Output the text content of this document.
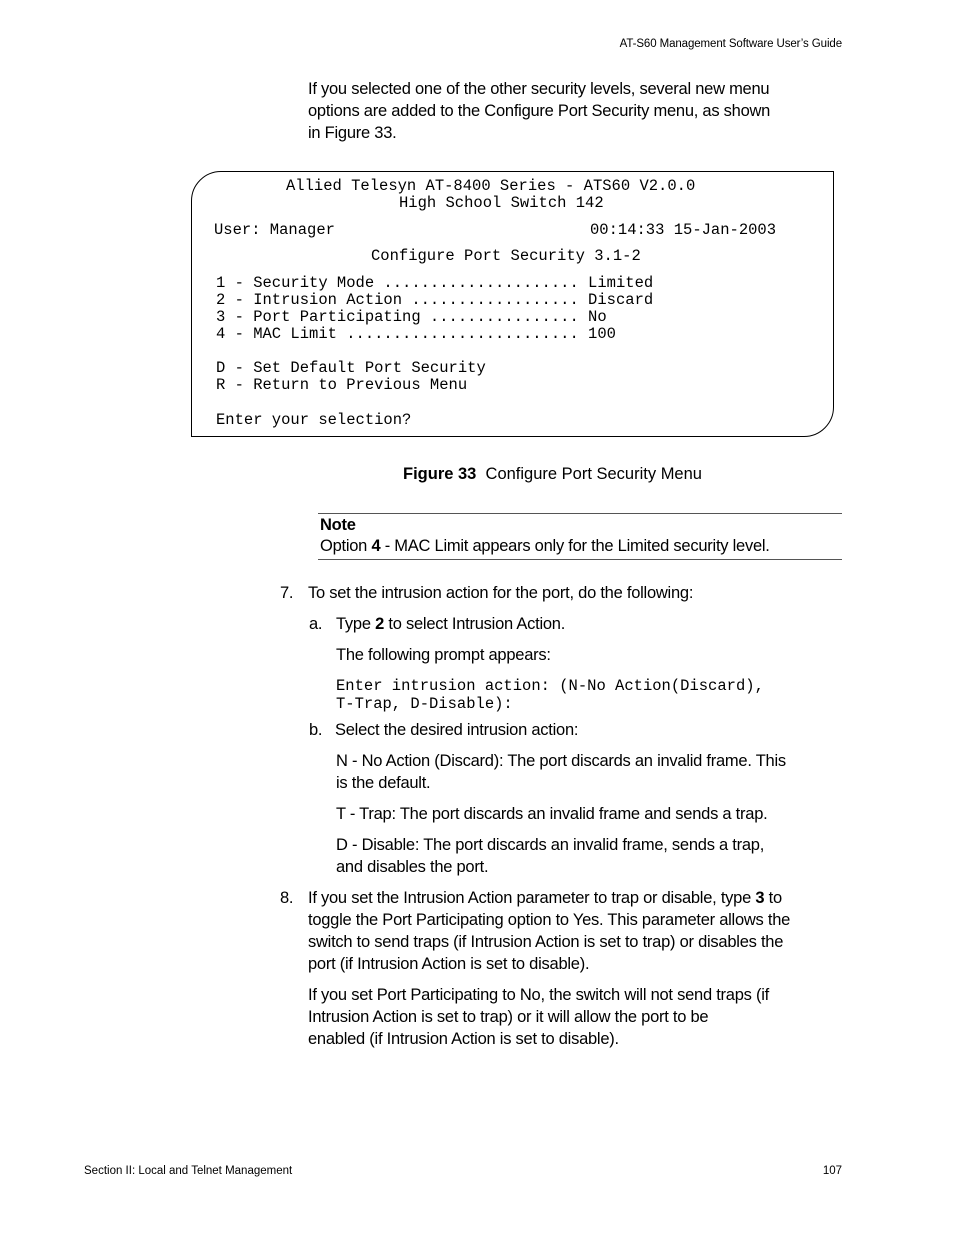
AT-S60 Management Software User’s Guide
If you selected one of the other security levels, several new menu
options are added to the Configure Port Security menu, as shown
in Figure 33.
Allied Telesyn AT-8400 Series - ATS60 V2.0.0
High School Switch 142
User: Manager	00:14:33 15-Jan-2003
Configure Port Security 3.1-2
1 - Security Mode ..................... Limited
2 - Intrusion Action .................. Discard
3 - Port Participating ................ No
4 - MAC Limit ......................... 100
D - Set Default Port Security
R - Return to Previous Menu
Enter your selection?
Figure 33 Configure Port Security Menu
Note
Option 4 - MAC Limit appears only for the Limited security level.
7. To set the intrusion action for the port, do the following:
a. Type 2 to select Intrusion Action.
The following prompt appears:
Enter intrusion action: (N-No Action(Discard),
T-Trap, D-Disable):
b. Select the desired intrusion action:
N - No Action (Discard): The port discards an invalid frame. This
is the default.
T - Trap: The port discards an invalid frame and sends a trap.
D - Disable: The port discards an invalid frame, sends a trap,
and disables the port.
8. If you set the Intrusion Action parameter to trap or disable, type 3 to
toggle the Port Participating option to Yes. This parameter allows the
switch to send traps (if Intrusion Action is set to trap) or disables the
port (if Intrusion Action is set to disable).
If you set Port Participating to No, the switch will not send traps (if
Intrusion Action is set to trap) or it will allow the port to be
enabled (if Intrusion Action is set to disable).
Section II: Local and Telnet Management	107
